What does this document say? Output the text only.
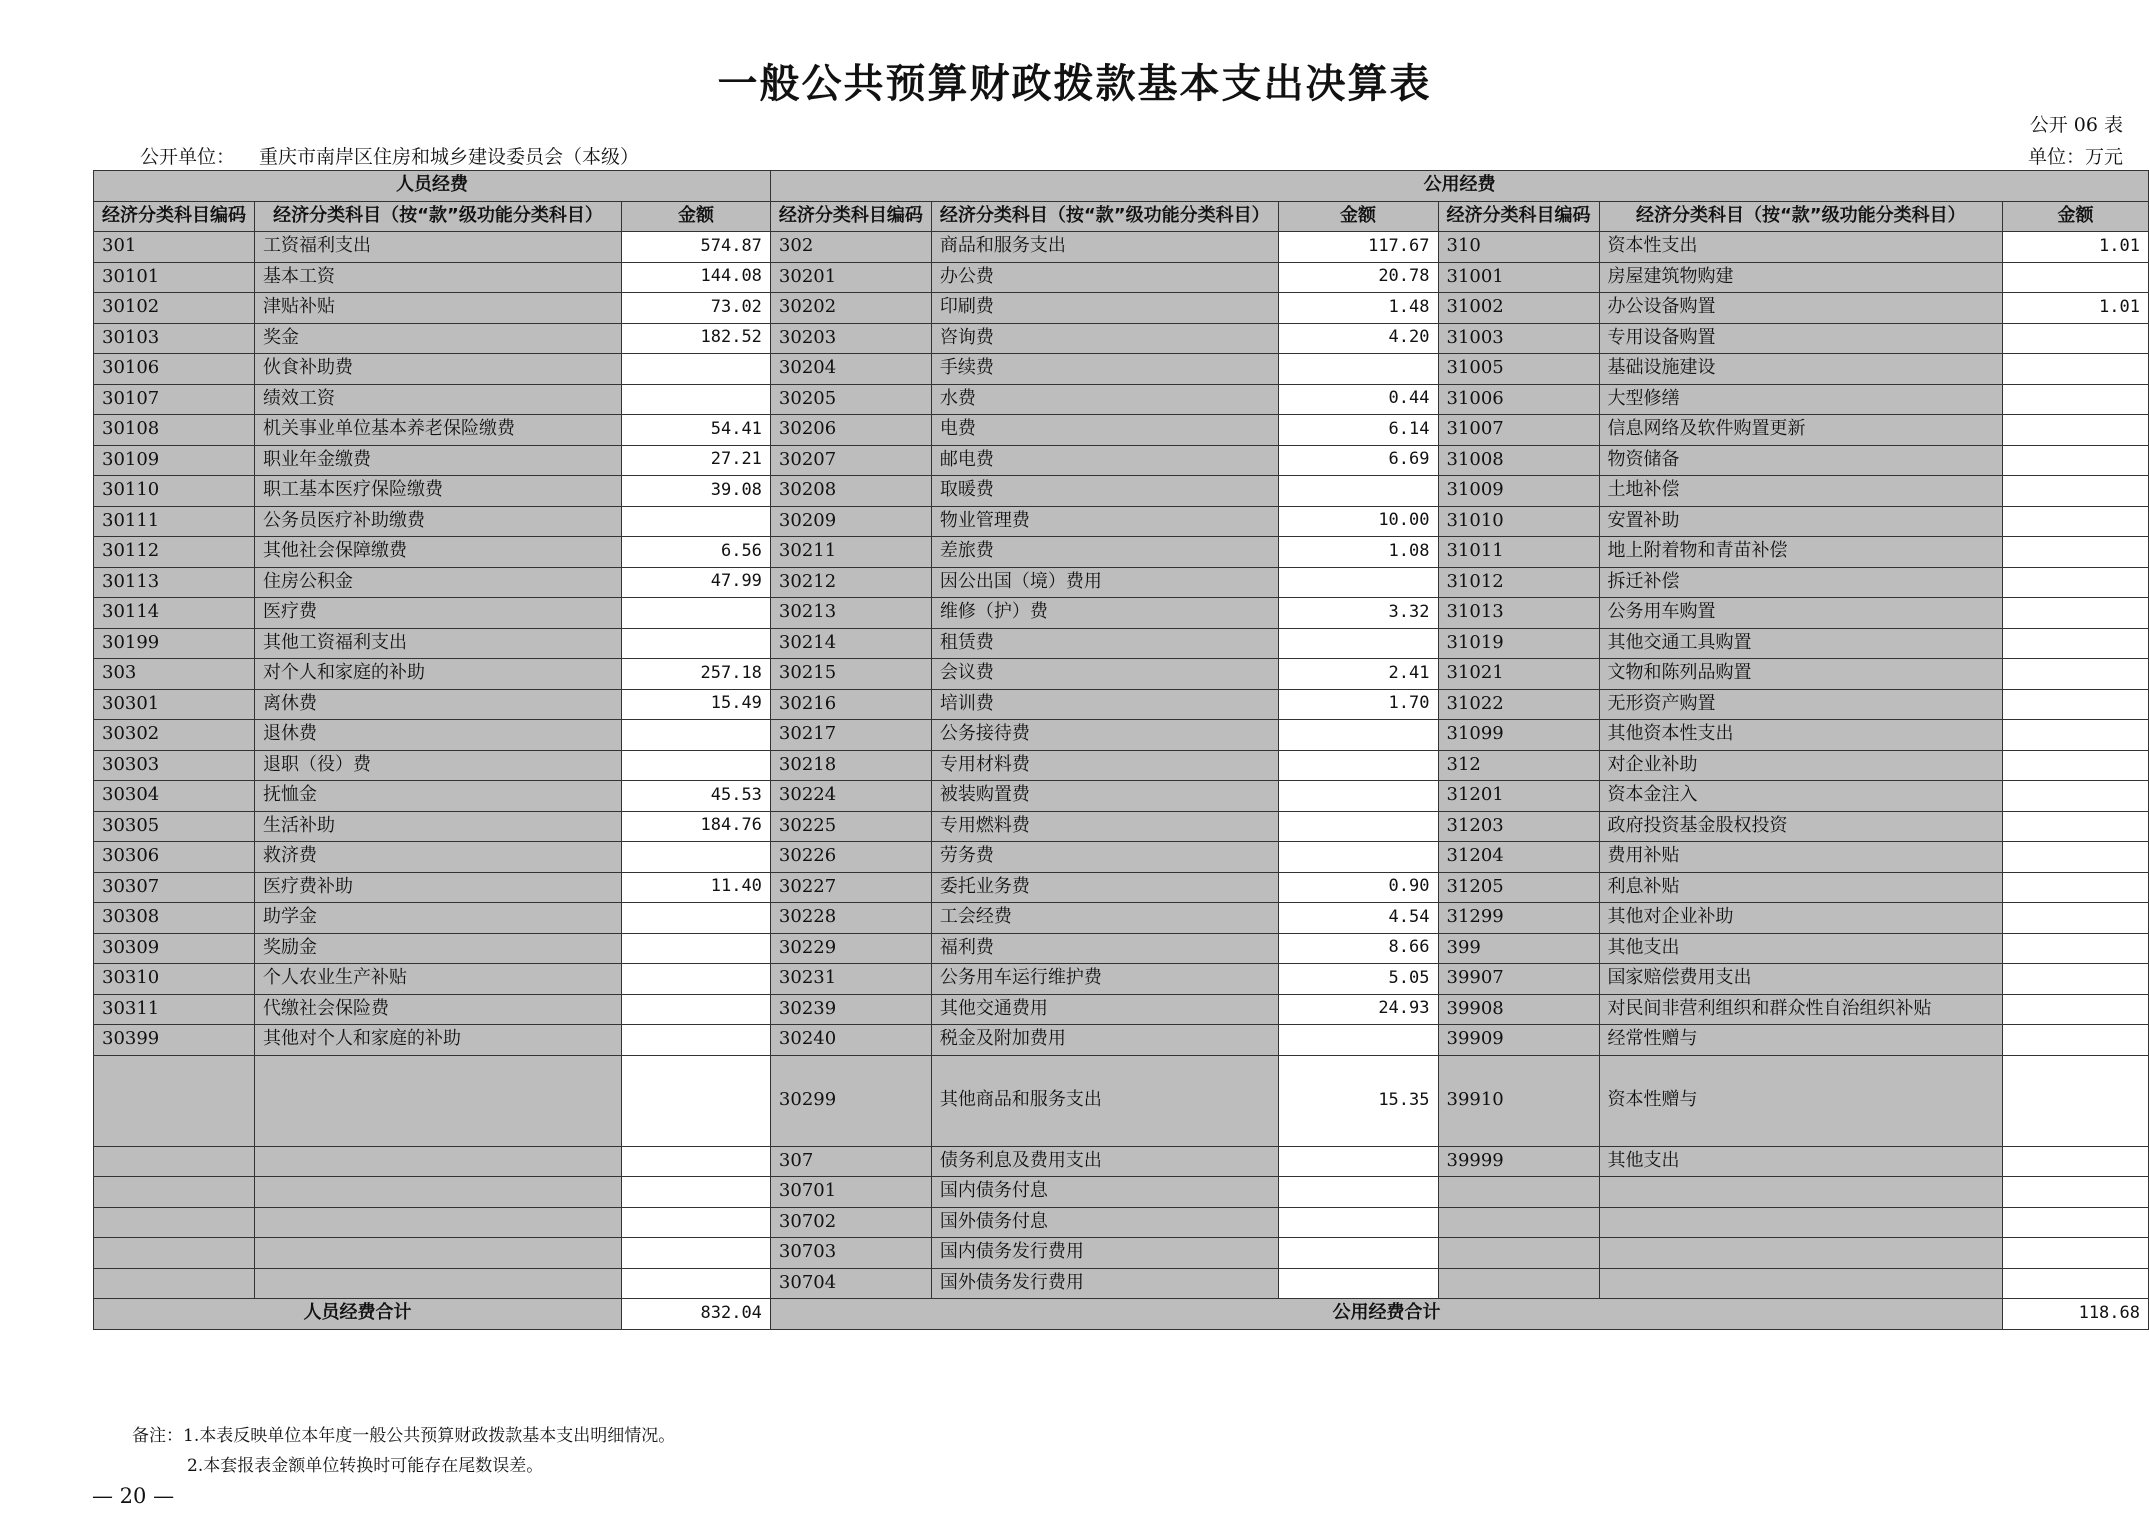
一般公共预算财政拨款基本支出决算表
公开 06 表
公开单位： 重庆市南岸区住房和城乡建设委员会（本级）	单位：万元
人员经费			公用经费					
经济分类科目编码	经济分类科目（按“款”级功能分类科目）	金额	经济分类科目编码	经济分类科目（按“款”级功能分类科目）	金额	经济分类科目编码	经济分类科目（按“款”级功能分类科目）	金额
301	工资福利支出	574.87	302	商品和服务支出	117.67	310	资本性支出	1.01
30101	基本工资	144.08	30201	办公费	20.78	31001	房屋建筑物购建	
30102	津贴补贴	73.02	30202	印刷费	1.48	31002	办公设备购置	1.01
30103	奖金	182.52	30203	咨询费	4.20	31003	专用设备购置	
30106	伙食补助费		30204	手续费		31005	基础设施建设	
30107	绩效工资		30205	水费	0.44	31006	大型修缮	
30108	机关事业单位基本养老保险缴费	54.41	30206	电费	6.14	31007	信息网络及软件购置更新	
30109	职业年金缴费	27.21	30207	邮电费	6.69	31008	物资储备	
30110	职工基本医疗保险缴费	39.08	30208	取暖费		31009	土地补偿	
30111	公务员医疗补助缴费		30209	物业管理费	10.00	31010	安置补助	
30112	其他社会保障缴费	6.56	30211	差旅费	1.08	31011	地上附着物和青苗补偿	
30113	住房公积金	47.99	30212	因公出国（境）费用		31012	拆迁补偿	
30114	医疗费		30213	维修（护）费	3.32	31013	公务用车购置	
30199	其他工资福利支出		30214	租赁费		31019	其他交通工具购置	
303	对个人和家庭的补助	257.18	30215	会议费	2.41	31021	文物和陈列品购置	
30301	离休费	15.49	30216	培训费	1.70	31022	无形资产购置	
30302	退休费		30217	公务接待费		31099	其他资本性支出	
30303	退职（役）费		30218	专用材料费		312	对企业补助	
30304	抚恤金	45.53	30224	被装购置费		31201	资本金注入	
30305	生活补助	184.76	30225	专用燃料费		31203	政府投资基金股权投资	
30306	救济费		30226	劳务费		31204	费用补贴	
30307	医疗费补助	11.40	30227	委托业务费	0.90	31205	利息补贴	
30308	助学金		30228	工会经费	4.54	31299	其他对企业补助	
30309	奖励金		30229	福利费	8.66	399	其他支出	
30310	个人农业生产补贴		30231	公务用车运行维护费	5.05	39907	国家赔偿费用支出	
30311	代缴社会保险费		30239	其他交通费用	24.93	39908	对民间非营利组织和群众性自治组织补贴	
30399	其他对个人和家庭的补助		30240	税金及附加费用		39909	经常性赠与	
			30299	其他商品和服务支出	15.35	39910	资本性赠与	
			307	债务利息及费用支出		39999	其他支出	
			30701	国内债务付息				
			30702	国外债务付息				
			30703	国内债务发行费用				
			30704	国外债务发行费用				
人员经费合计		832.04	公用经费合计					118.68
备注：1.本表反映单位本年度一般公共预算财政拨款基本支出明细情况。
2.本套报表金额单位转换时可能存在尾数误差。
— 20 —
